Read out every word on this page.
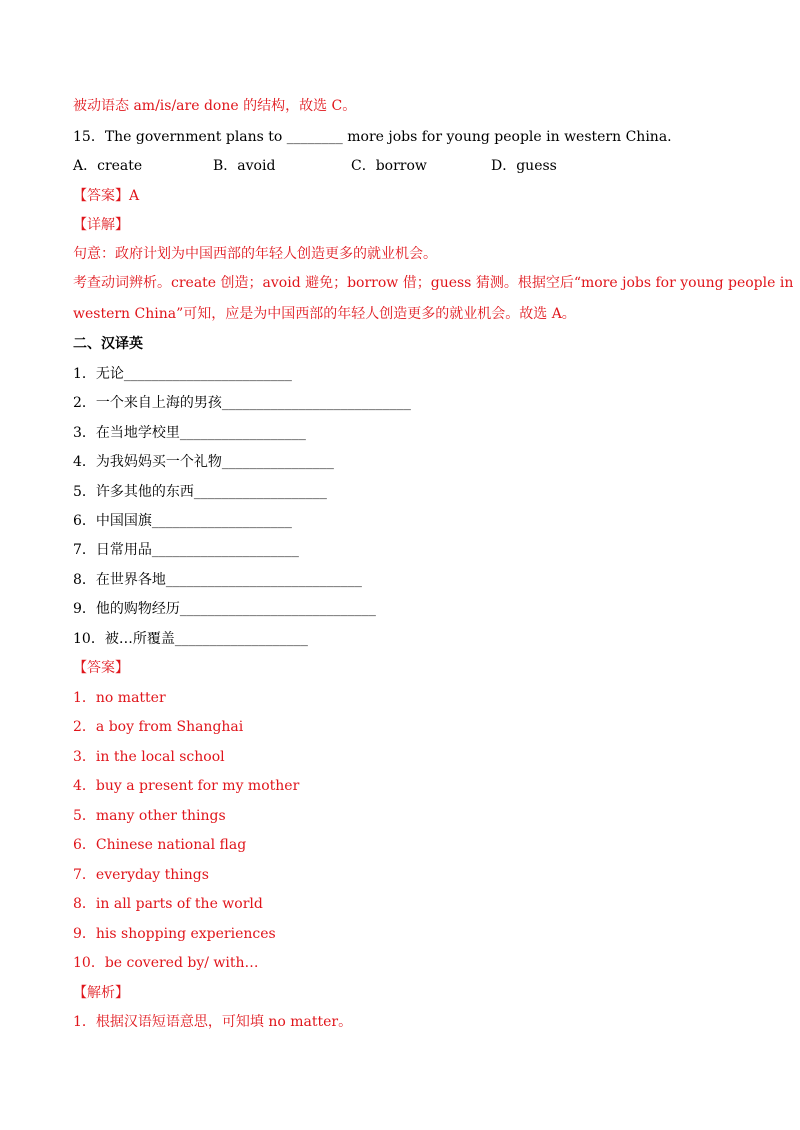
被动语态 am/is/are done 的结构，故选 C。
15．The government plans to ________ more jobs for young people in western China.
A．create	B．avoid	C．borrow	D．guess
【答案】A
【详解】
句意：政府计划为中国西部的年轻人创造更多的就业机会。
考查动词辨析。create 创造；avoid 避免；borrow 借；guess 猜测。根据空后“more jobs for young people in
western China”可知，应是为中国西部的年轻人创造更多的就业机会。故选 A。
二、汉译英
1．无论________________________
2．一个来自上海的男孩___________________________
3．在当地学校里__________________
4．为我妈妈买一个礼物________________
5．许多其他的东西___________________
6．中国国旗____________________
7．日常用品_____________________
8．在世界各地____________________________
9．他的购物经历____________________________
10．被…所覆盖___________________
【答案】
1．no matter
2．a boy from Shanghai
3．in the local school
4．buy a present for my mother
5．many other things
6．Chinese national flag
7．everyday things
8．in all parts of the world
9．his shopping experiences
10．be covered by/ with…
【解析】
1．根据汉语短语意思，可知填 no matter。
